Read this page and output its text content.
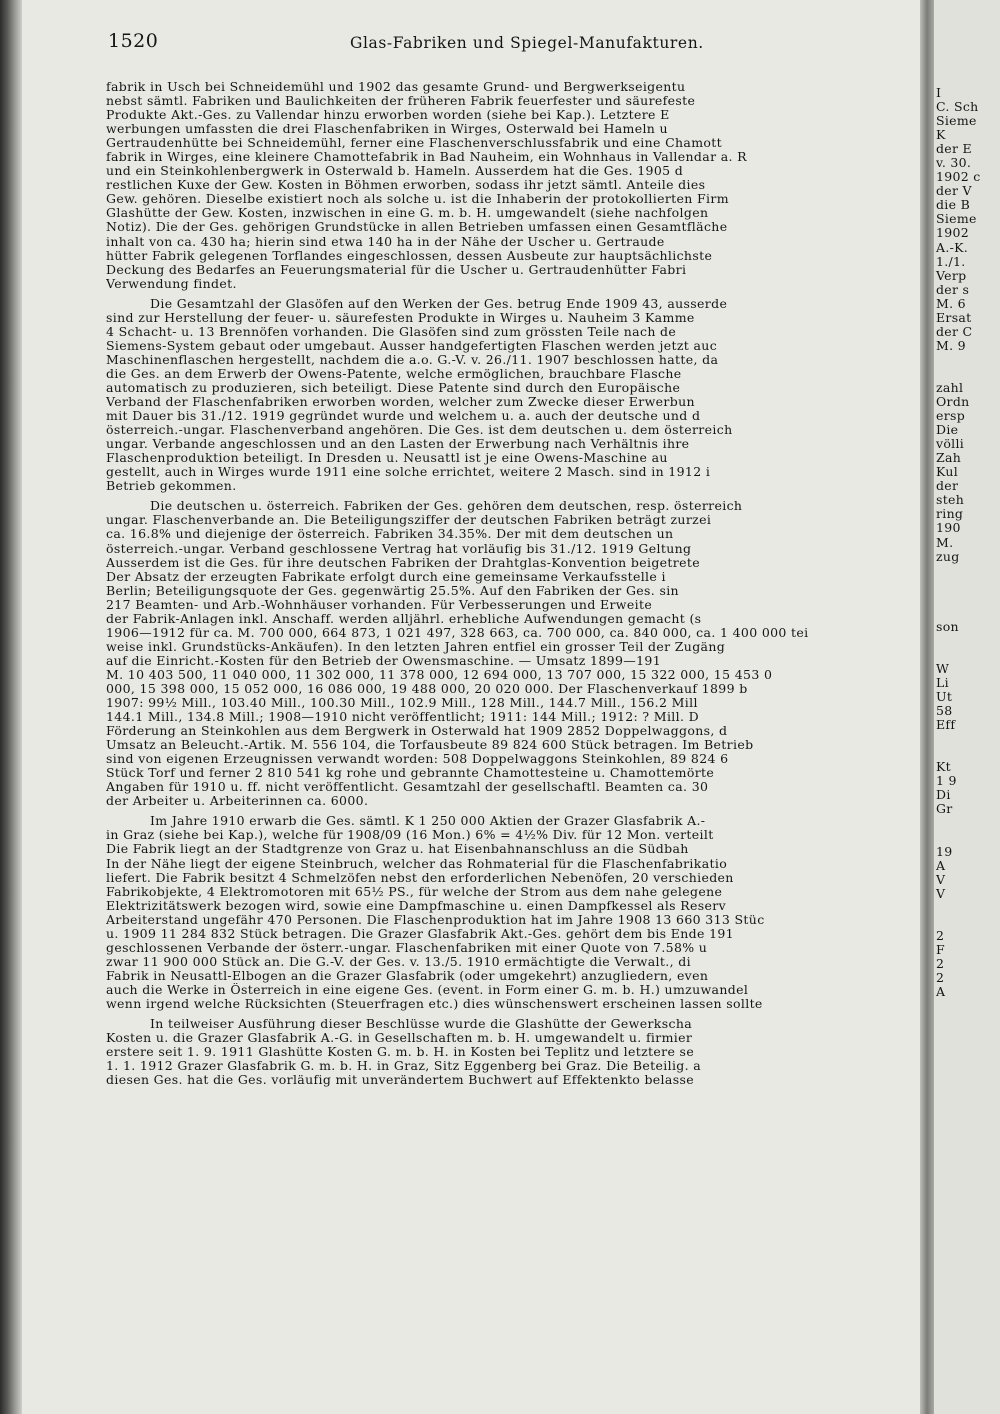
1520	Glas-Fabriken und Spiegel-Manufakturen.

fabrik in Usch bei Schneidemühl und 1902 das gesamte Grund- und Bergwerkseigentu
nebst sämtl. Fabriken und Baulichkeiten der früheren Fabrik feuerfester und säurefeste
Produkte Akt.-Ges. zu Vallendar hinzu erworben worden (siehe bei Kap.). Letztere E
werbungen umfassten die drei Flaschenfabriken in Wirges, Osterwald bei Hameln u
Gertraudenhütte bei Schneidemühl, ferner eine Flaschenverschlussfabrik und eine Chamott
fabrik in Wirges, eine kleinere Chamottefabrik in Bad Nauheim, ein Wohnhaus in Vallendar a. R
und ein Steinkohlenbergwerk in Osterwald b. Hameln. Ausserdem hat die Ges. 1905 d
restlichen Kuxe der Gew. Kosten in Böhmen erworben, sodass ihr jetzt sämtl. Anteile dies
Gew. gehören. Dieselbe existiert noch als solche u. ist die Inhaberin der protokollierten Firm
Glashütte der Gew. Kosten, inzwischen in eine G. m. b. H. umgewandelt (siehe nachfolgen
Notiz). Die der Ges. gehörigen Grundstücke in allen Betrieben umfassen einen Gesamtfläche
inhalt von ca. 430 ha; hierin sind etwa 140 ha in der Nähe der Uscher u. Gertraude
hütter Fabrik gelegenen Torflandes eingeschlossen, dessen Ausbeute zur hauptsächlichste
Deckung des Bedarfes an Feuerungsmaterial für die Uscher u. Gertraudenhütter Fabri
Verwendung findet.

Die Gesamtzahl der Glasöfen auf den Werken der Ges. betrug Ende 1909 43, ausserde
sind zur Herstellung der feuer- u. säurefesten Produkte in Wirges u. Nauheim 3 Kamme
4 Schacht- u. 13 Brennöfen vorhanden. Die Glasöfen sind zum grössten Teile nach de
Siemens-System gebaut oder umgebaut. Ausser handgefertigten Flaschen werden jetzt auc
Maschinenflaschen hergestellt, nachdem die a.o. G.-V. v. 26./11. 1907 beschlossen hatte, da
die Ges. an dem Erwerb der Owens-Patente, welche ermöglichen, brauchbare Flasche
automatisch zu produzieren, sich beteiligt. Diese Patente sind durch den Europäische
Verband der Flaschenfabriken erworben worden, welcher zum Zwecke dieser Erwerbun
mit Dauer bis 31./12. 1919 gegründet wurde und welchem u. a. auch der deutsche und d
österreich.-ungar. Flaschenverband angehören. Die Ges. ist dem deutschen u. dem österreich
ungar. Verbande angeschlossen und an den Lasten der Erwerbung nach Verhältnis ihre
Flaschenproduktion beteiligt. In Dresden u. Neusattl ist je eine Owens-Maschine au
gestellt, auch in Wirges wurde 1911 eine solche errichtet, weitere 2 Masch. sind in 1912 i
Betrieb gekommen.

Die deutschen u. österreich. Fabriken der Ges. gehören dem deutschen, resp. österreich
ungar. Flaschenverbande an. Die Beteiligungsziffer der deutschen Fabriken beträgt zurzei
ca. 16.8% und diejenige der österreich. Fabriken 34.35%. Der mit dem deutschen un
österreich.-ungar. Verband geschlossene Vertrag hat vorläufig bis 31./12. 1919 Geltung
Ausserdem ist die Ges. für ihre deutschen Fabriken der Drahtglas-Konvention beigetrete
Der Absatz der erzeugten Fabrikate erfolgt durch eine gemeinsame Verkaufsstelle i
Berlin; Beteiligungsquote der Ges. gegenwärtig 25.5%. Auf den Fabriken der Ges. sin
217 Beamten- und Arb.-Wohnhäuser vorhanden. Für Verbesserungen und Erweite
der Fabrik-Anlagen inkl. Anschaff. werden alljährl. erhebliche Aufwendungen gemacht (s
1906—1912 für ca. M. 700 000, 664 873, 1 021 497, 328 663, ca. 700 000, ca. 840 000, ca. 1 400 000 tei
weise inkl. Grundstücks-Ankäufen). In den letzten Jahren entfiel ein grosser Teil der Zugäng
auf die Einricht.-Kosten für den Betrieb der Owensmaschine. — Umsatz 1899—191
M. 10 403 500, 11 040 000, 11 302 000, 11 378 000, 12 694 000, 13 707 000, 15 322 000, 15 453 0
000, 15 398 000, 15 052 000, 16 086 000, 19 488 000, 20 020 000. Der Flaschenverkauf 1899 b
1907: 99½ Mill., 103.40 Mill., 100.30 Mill., 102.9 Mill., 128 Mill., 144.7 Mill., 156.2 Mill
144.1 Mill., 134.8 Mill.; 1908—1910 nicht veröffentlicht; 1911: 144 Mill.; 1912: ? Mill. D
Förderung an Steinkohlen aus dem Bergwerk in Osterwald hat 1909 2852 Doppelwaggons, d
Umsatz an Beleucht.-Artik. M. 556 104, die Torfausbeute 89 824 600 Stück betragen. Im Betrieb
sind von eigenen Erzeugnissen verwandt worden: 508 Doppelwaggons Steinkohlen, 89 824 6
Stück Torf und ferner 2 810 541 kg rohe und gebrannte Chamottesteine u. Chamottemörte
Angaben für 1910 u. ff. nicht veröffentlicht. Gesamtzahl der gesellschaftl. Beamten ca. 30
der Arbeiter u. Arbeiterinnen ca. 6000.

Im Jahre 1910 erwarb die Ges. sämtl. K 1 250 000 Aktien der Grazer Glasfabrik A.-
in Graz (siehe bei Kap.), welche für 1908/09 (16 Mon.) 6% = 4½% Div. für 12 Mon. verteilt
Die Fabrik liegt an der Stadtgrenze von Graz u. hat Eisenbahnanschluss an die Südbah
In der Nähe liegt der eigene Steinbruch, welcher das Rohmaterial für die Flaschenfabrikatio
liefert. Die Fabrik besitzt 4 Schmelzöfen nebst den erforderlichen Nebenöfen, 20 verschieden
Fabrikobjekte, 4 Elektromotoren mit 65½ PS., für welche der Strom aus dem nahe gelegene
Elektrizitätswerk bezogen wird, sowie eine Dampfmaschine u. einen Dampfkessel als Reserv
Arbeiterstand ungefähr 470 Personen. Die Flaschenproduktion hat im Jahre 1908 13 660 313 Stüc
u. 1909 11 284 832 Stück betragen. Die Grazer Glasfabrik Akt.-Ges. gehört dem bis Ende 191
geschlossenen Verbande der österr.-ungar. Flaschenfabriken mit einer Quote von 7.58% u
zwar 11 900 000 Stück an. Die G.-V. der Ges. v. 13./5. 1910 ermächtigte die Verwalt., di
Fabrik in Neusattl-Elbogen an die Grazer Glasfabrik (oder umgekehrt) anzugliedern, even
auch die Werke in Österreich in eine eigene Ges. (event. in Form einer G. m. b. H.) umzuwandel
wenn irgend welche Rücksichten (Steuerfragen etc.) dies wünschenswert erscheinen lassen sollte

In teilweiser Ausführung dieser Beschlüsse wurde die Glashütte der Gewerkscha
Kosten u. die Grazer Glasfabrik A.-G. in Gesellschaften m. b. H. umgewandelt u. firmier
erstere seit 1. 9. 1911 Glashütte Kosten G. m. b. H. in Kosten bei Teplitz und letztere se
1. 1. 1912 Grazer Glasfabrik G. m. b. H. in Graz, Sitz Eggenberg bei Graz. Die Beteilig. a
diesen Ges. hat die Ges. vorläufig mit unverändertem Buchwert auf Effektenkto belasse

I
C. Sch
Sieme
K
der E
v. 30.
1902 c
der V
die B
Sieme
1902
A.-K.
1./1.
Verp
der s
M. 6
Ersat
der C
M. 9
zahl
Ordn
ersp
Die
völli
Zah
Kul
der
steh
ring
190
M.
zug
son
W
Li
Ut
58
Eff
Kt
1 9
Di
Gr
19
A
V
V
2
F
2
2
A
